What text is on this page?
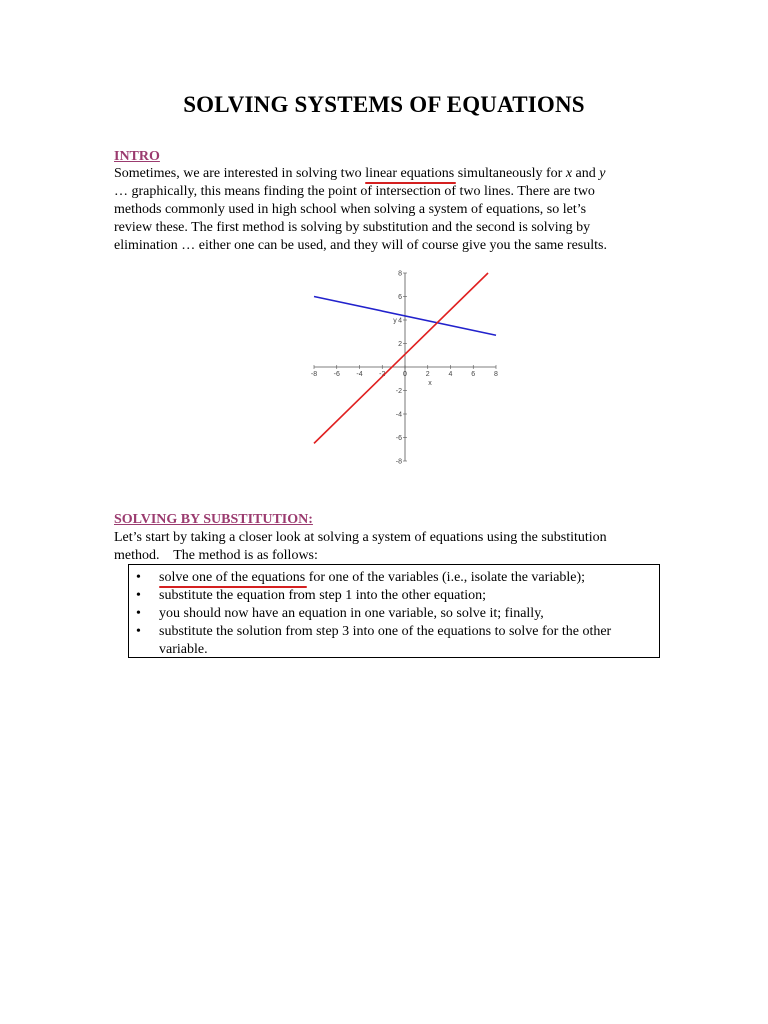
SOLVING SYSTEMS OF EQUATIONS
INTRO
Sometimes, we are interested in solving two linear equations simultaneously for x and y
… graphically, this means finding the point of intersection of two lines. There are two
methods commonly used in high school when solving a system of equations, so let’s
review these. The first method is solving by substitution and the second is solving by
elimination … either one can be used, and they will of course give you the same results.
-8 -6 -4 -2	0	2	4	6	8
-8
-6
-4
-2
2
4
6
8
x
y
SOLVING BY SUBSTITUTION:
Let’s start by taking a closer look at solving a system of equations using the substitution
method.    The method is as follows:
• solve one of the equations for one of the variables (i.e., isolate the variable);
• substitute the equation from step 1 into the other equation;
• you should now have an equation in one variable, so solve it; finally,
• substitute the solution from step 3 into one of the equations to solve for the other variable.
